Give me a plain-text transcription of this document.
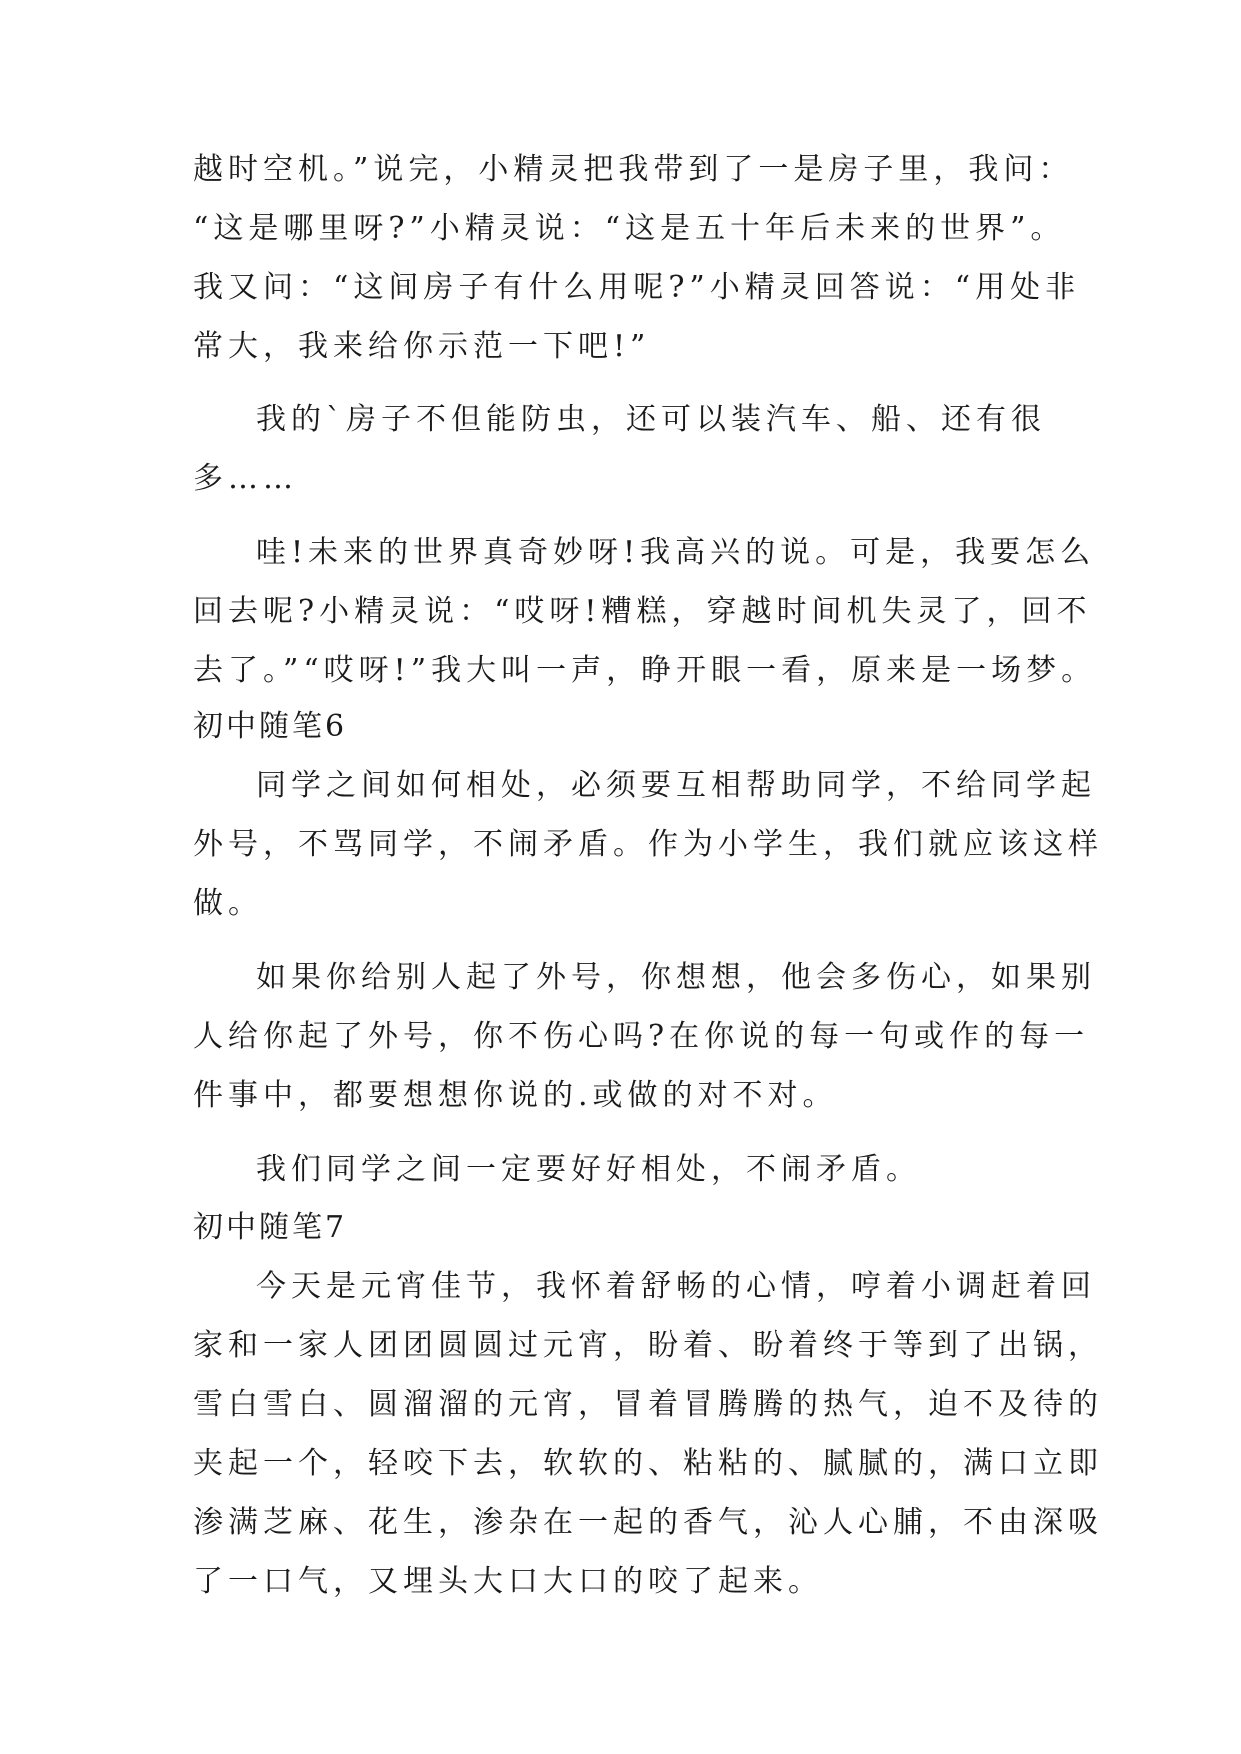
越时空机。”说完，小精灵把我带到了一是房子里，我问：
“这是哪里呀?”小精灵说：“这是五十年后未来的世界”。
我又问：“这间房子有什么用呢?”小精灵回答说：“用处非
常大，我来给你示范一下吧!”
我的`房子不但能防虫，还可以装汽车、船、还有很
多……
哇!未来的世界真奇妙呀!我高兴的说。可是，我要怎么
回去呢?小精灵说：“哎呀!糟糕，穿越时间机失灵了，回不
去了。”“哎呀!”我大叫一声，睁开眼一看，原来是一场梦。
初中随笔6
同学之间如何相处，必须要互相帮助同学，不给同学起
外号，不骂同学，不闹矛盾。作为小学生，我们就应该这样
做。
如果你给别人起了外号，你想想，他会多伤心，如果别
人给你起了外号，你不伤心吗?在你说的每一句或作的每一
件事中，都要想想你说的.或做的对不对。
我们同学之间一定要好好相处，不闹矛盾。
初中随笔7
今天是元宵佳节，我怀着舒畅的心情，哼着小调赶着回
家和一家人团团圆圆过元宵，盼着、盼着终于等到了出锅，
雪白雪白、圆溜溜的元宵，冒着冒腾腾的热气，迫不及待的
夹起一个，轻咬下去，软软的、粘粘的、腻腻的，满口立即
渗满芝麻、花生，渗杂在一起的香气，沁人心脯，不由深吸
了一口气，又埋头大口大口的咬了起来。
